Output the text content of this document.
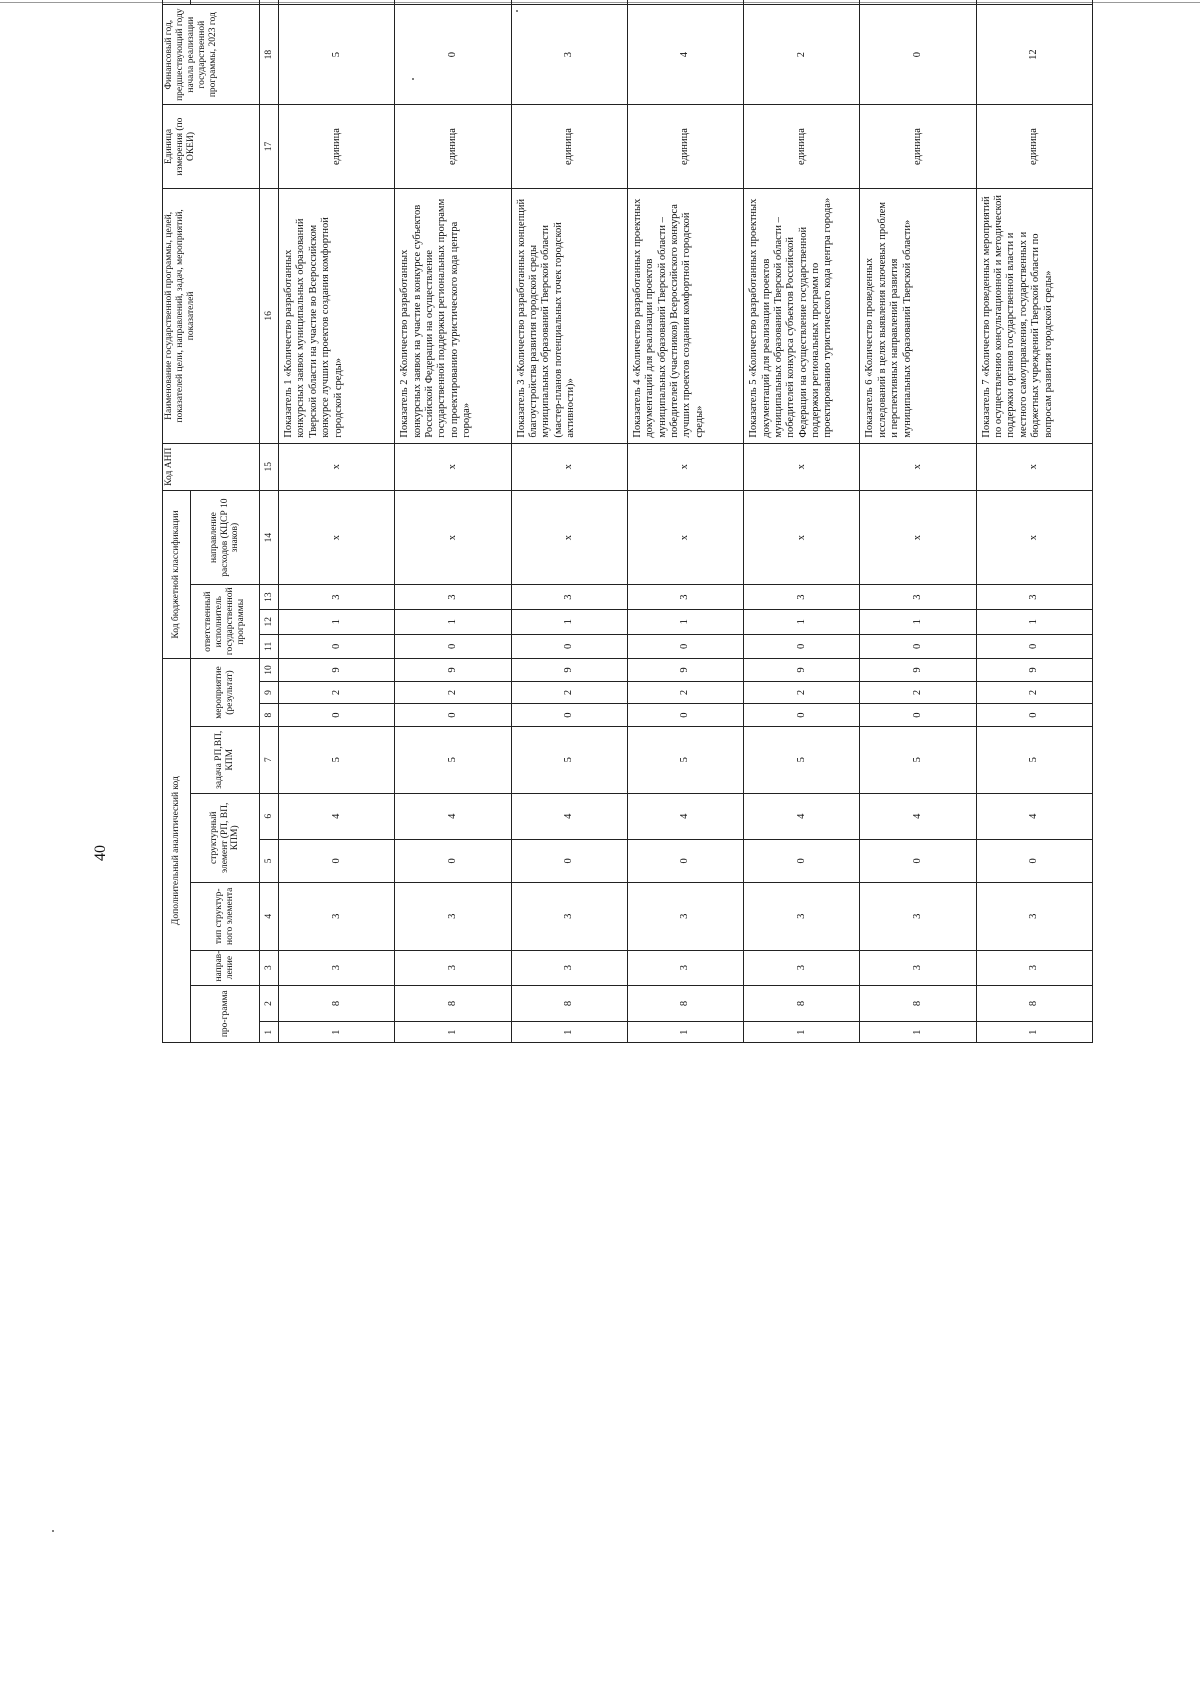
40	Дополнительный аналитический код										Код бюджетной классификации				Код АНП	Наименование государственной программы, целей, показателей цели, направлений, задач, мероприятий, показателей	Единица измерения (по ОКЕИ)	Финансовый год, предшествующий году начала реализации государственной программы, 2023 год	
про-грамма		направ-ление	тип структур-ного элемента	структурный элемент (РП, ВП, КПМ)		задача РП,ВП, КПМ	мероприятие (результат)			ответственный исполнитель государственной программы			направление расходов (КЦСР 10 знаков)		

1	2	3	4	5	6	7	8	9	10	11	12	13	14	15	16	17	18						
1	8	3	3	0	4	5	0	2	9	0	1	3	х	х	Показатель 1 «Количество разработанных конкурсных заявок муниципальных образований Тверской области на участие во Всероссийском конкурсе лучших проектов создания комфортной городской среды»	единица	5						
1	8	3	3	0	4	5	0	2	9	0	1	3	х	х	Показатель 2 «Количество разработанных конкурсных заявок на участие в конкурсе субъектов Российской Федерации на осуществление государственной поддержки региональных программ по проектированию туристического кода центра города»	единица	0						
1	8	3	3	0	4	5	0	2	9	0	1	3	х	х	Показатель 3 «Количество разработанных концепций благоустройства развития городской среды муниципальных образований Тверской области (мастер-планов потенциальных точек городской активности)»	единица	3						
1	8	3	3	0	4	5	0	2	9	0	1	3	х	х	Показатель 4 «Количество разработанных проектных документаций для реализации проектов муниципальных образований Тверской области – победителей (участников) Всероссийского конкурса лучших проектов создания комфортной городской среды»	единица	4						
1	8	3	3	0	4	5	0	2	9	0	1	3	х	х	Показатель 5 «Количество разработанных проектных документаций для реализации проектов муниципальных образований Тверской области – победителей конкурса субъектов Российской Федерации на осуществление государственной поддержки региональных программ по проектированию туристического кода центра города»	единица	2						
1	8	3	3	0	4	5	0	2	9	0	1	3	х	х	Показатель 6 «Количество проведенных исследований в целях выявления ключевых проблем и перспективных направлений развития муниципальных образований Тверской области»	единица	0						
1	8	3	3	0	4	5	0	2	9	0	1	3	х	х	Показатель 7 «Количество проведенных мероприятий по осуществлению консультационной и методической поддержки органов государственной власти и местного самоуправления, государственных и бюджетных учреждений Тверской области по вопросам развития городской среды»	единица	12						
